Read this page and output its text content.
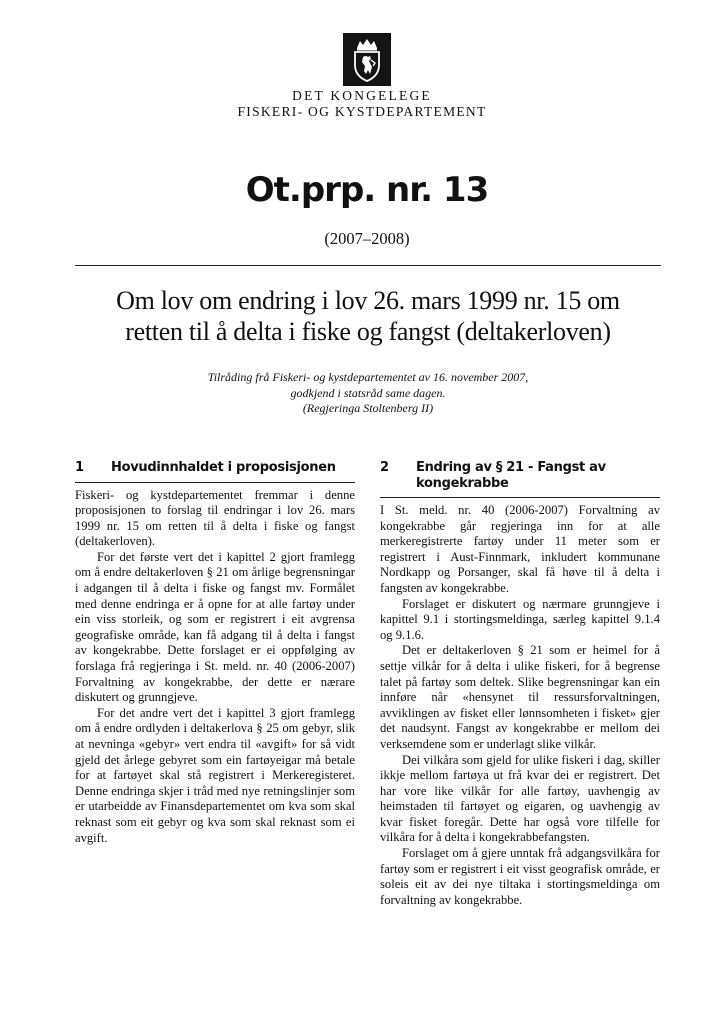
DET KONGELEGE
FISKERI- OG KYSTDEPARTEMENT
Ot.prp. nr. 13
(2007–2008)
Om lov om endring i lov 26. mars 1999 nr. 15 om
retten til å delta i fiske og fangst (deltakerloven)
Tilråding frå Fiskeri- og kystdepartementet av 16. november 2007,
godkjend i statsråd same dagen.
(Regjeringa Stoltenberg II)
1	Hovudinnhaldet i proposisjonen

Fiskeri- og kystdepartementet fremmar i denne proposisjonen to forslag til endringar i lov 26. mars 1999 nr. 15 om retten til å delta i fiske og fangst (deltakerloven).

For det første vert det i kapittel 2 gjort framlegg om å endre deltakerloven § 21 om årlige begrensningar i adgangen til å delta i fiske og fangst mv. Formålet med denne endringa er å opne for at alle fartøy under ein viss storleik, og som er registrert i eit avgrensa geografiske område, kan få adgang til å delta i fangst av kongekrabbe. Dette forslaget er ei oppfølging av forslaga frå regjeringa i St. meld. nr. 40 (2006-2007) Forvaltning av kongekrabbe, der dette er nærare diskutert og grunngjeve.

For det andre vert det i kapittel 3 gjort framlegg om å endre ordlyden i deltakerlova § 25 om gebyr, slik at nevninga «gebyr» vert endra til «avgift» for så vidt gjeld det årlege gebyret som ein fartøyeigar må betale for at fartøyet skal stå registrert i Merkeregisteret. Denne endringa skjer i tråd med nye retningslinjer som er utarbeidde av Finansdepartementet om kva som skal reknast som eit gebyr og kva som skal reknast som ei avgift.

2	Endring av § 21 - Fangst av kongekrabbe

I St. meld. nr. 40 (2006-2007) Forvaltning av kongekrabbe går regjeringa inn for at alle merkeregistrerte fartøy under 11 meter som er registrert i Aust-Finnmark, inkludert kommunane Nordkapp og Porsanger, skal få høve til å delta i fangsten av kongekrabbe.

Forslaget er diskutert og nærmare grunngjeve i kapittel 9.1 i stortingsmeldinga, særleg kapittel 9.1.4 og 9.1.6.

Det er deltakerloven § 21 som er heimel for å settje vilkår for å delta i ulike fiskeri, for å begrense talet på fartøy som deltek. Slike begrensningar kan ein innføre når «hensynet til ressursforvaltningen, avviklingen av fisket eller lønnsomheten i fisket» gjer det naudsynt. Fangst av kongekrabbe er mellom dei verksemdene som er underlagt slike vilkår.

Dei vilkåra som gjeld for ulike fiskeri i dag, skiller ikkje mellom fartøya ut frå kvar dei er registrert. Det har vore like vilkår for alle fartøy, uavhengig av heimstaden til fartøyet og eigaren, og uavhengig av kvar fisket foregår. Dette har også vore tilfelle for vilkåra for å delta i kongekrabbefangsten.

Forslaget om å gjere unntak frå adgangsvilkåra for fartøy som er registrert i eit visst geografisk område, er soleis eit av dei nye tiltaka i stortingsmeldinga om forvaltning av kongekrabbe.
